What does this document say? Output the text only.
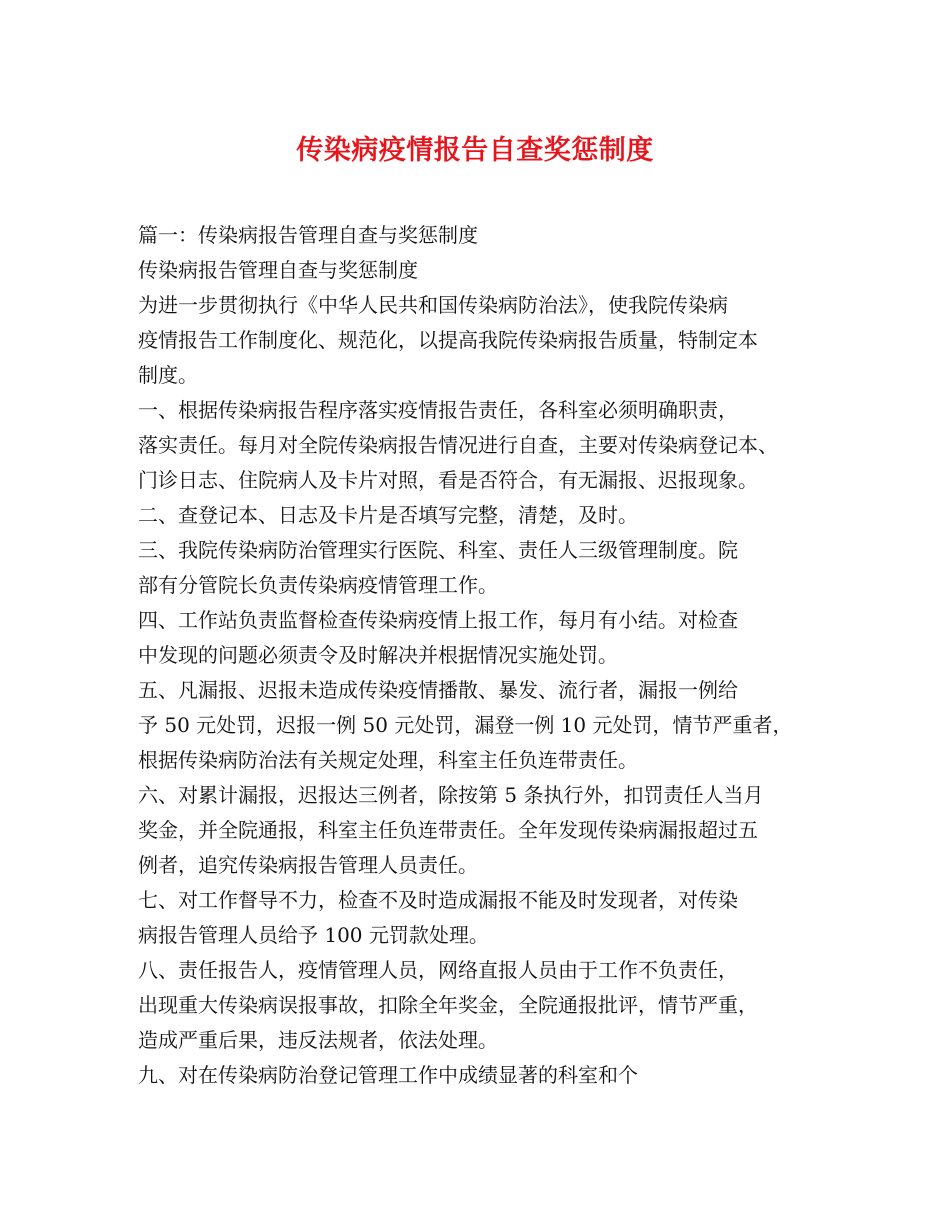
传染病疫情报告自查奖惩制度
篇一：传染病报告管理自查与奖惩制度
传染病报告管理自查与奖惩制度
为进一步贯彻执行《中华人民共和国传染病防治法》，使我院传染病
疫情报告工作制度化、规范化，以提高我院传染病报告质量，特制定本
制度。
一、根据传染病报告程序落实疫情报告责任，各科室必须明确职责，
落实责任。每月对全院传染病报告情况进行自查，主要对传染病登记本、
门诊日志、住院病人及卡片对照，看是否符合，有无漏报、迟报现象。
二、查登记本、日志及卡片是否填写完整，清楚，及时。
三、我院传染病防治管理实行医院、科室、责任人三级管理制度。院
部有分管院长负责传染病疫情管理工作。
四、工作站负责监督检查传染病疫情上报工作，每月有小结。对检查
中发现的问题必须责令及时解决并根据情况实施处罚。
五、凡漏报、迟报未造成传染疫情播散、暴发、流行者，漏报一例给
予 50 元处罚，迟报一例 50 元处罚，漏登一例 10 元处罚，情节严重者，
根据传染病防治法有关规定处理，科室主任负连带责任。
六、对累计漏报，迟报达三例者，除按第 5 条执行外，扣罚责任人当月
奖金，并全院通报，科室主任负连带责任。全年发现传染病漏报超过五
例者，追究传染病报告管理人员责任。
七、对工作督导不力，检查不及时造成漏报不能及时发现者，对传染
病报告管理人员给予 100 元罚款处理。
八、责任报告人，疫情管理人员，网络直报人员由于工作不负责任，
出现重大传染病误报事故，扣除全年奖金，全院通报批评，情节严重，
造成严重后果，违反法规者，依法处理。
九、对在传染病防治登记管理工作中成绩显著的科室和个
